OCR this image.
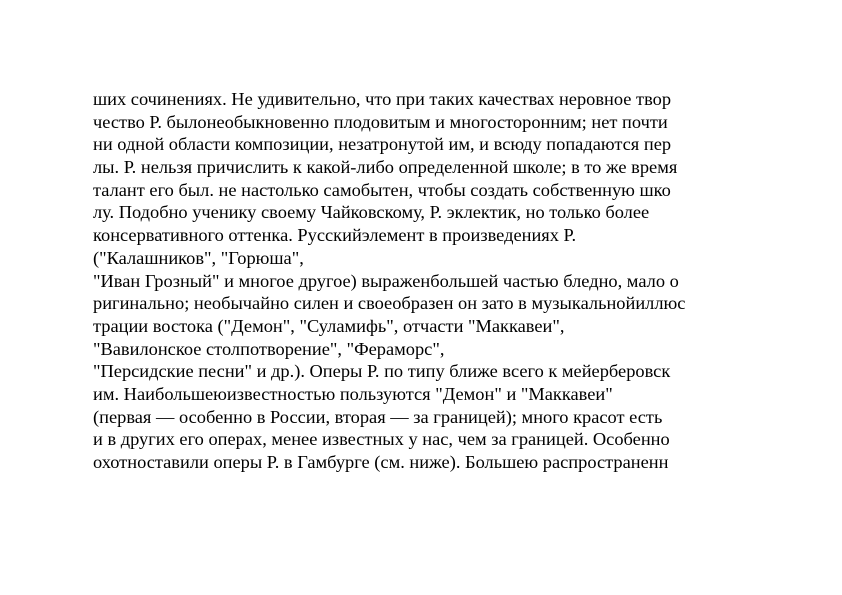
ших сочинениях. Не удивительно, что при таких качествах неровное твор
чество Р. былонеобыкновенно плодовитым и многосторонним; нет почти
ни одной области композиции, незатронутой им, и всюду попадаются пер
лы. Р. нельзя причислить к какой-либо определенной школе; в то же время
талант его был. не настолько самобытен, чтобы создать собственную шко
лу. Подобно ученику своему Чайковскому, Р. эклектик, но только более
консервативного оттенка. Русскийэлемент в произведениях Р.
("Калашников", "Горюша",
"Иван Грозный" и многое другое) выраженбольшей частью бледно, мало о
ригинально; необычайно силен и своеобразен он зато в музыкальнойиллюс
трации востока ("Демон", "Суламифь", отчасти "Маккавеи",
"Вавилонское столпотворение", "Фераморс",
"Персидские песни" и др.). Оперы Р. по типу ближе всего к мейерберовск
им. Наибольшеюизвестностью пользуются "Демон" и "Маккавеи"
(первая — особенно в России, вторая — за границей); много красот есть
и в других его операх, менее известных у нас, чем за границей. Особенно
охотноставили оперы Р. в Гамбурге (см. ниже). Большею распространенн
